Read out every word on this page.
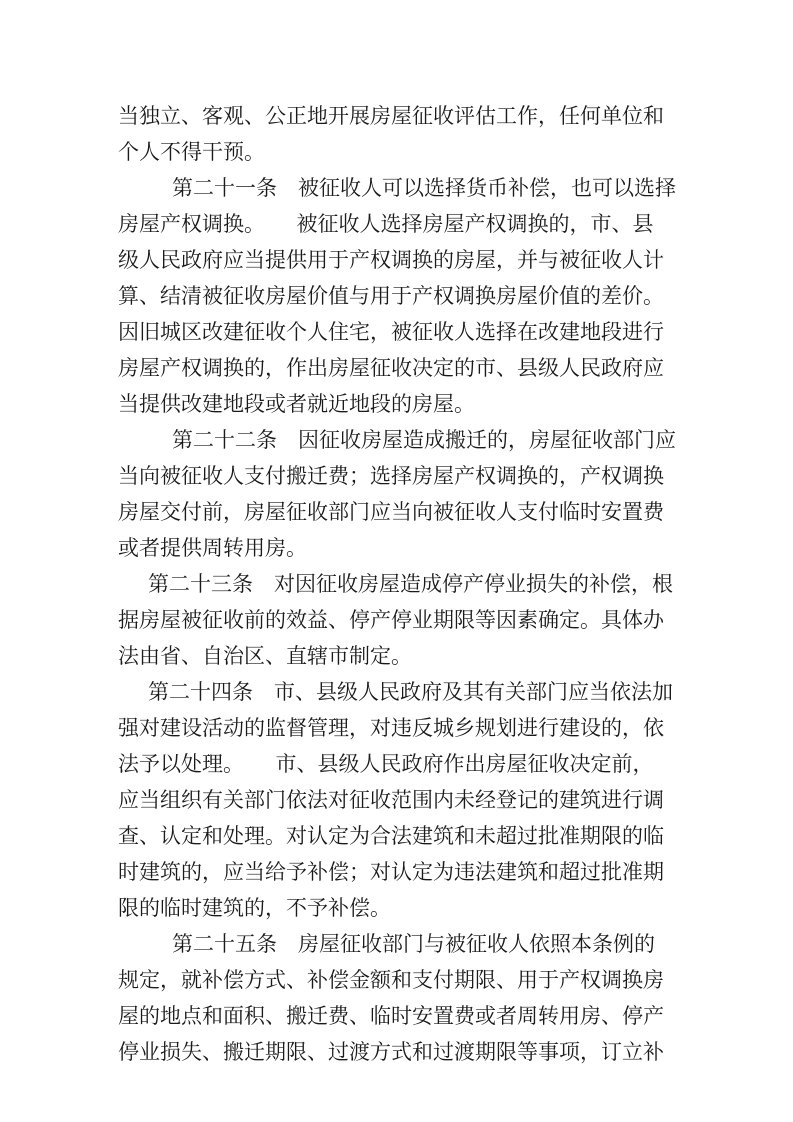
当独立、客观、公正地开展房屋征收评估工作，任何单位和
个人不得干预。
第二十一条　被征收人可以选择货币补偿，也可以选择
房屋产权调换。　　被征收人选择房屋产权调换的，市、县
级人民政府应当提供用于产权调换的房屋，并与被征收人计
算、结清被征收房屋价值与用于产权调换房屋价值的差价。
因旧城区改建征收个人住宅，被征收人选择在改建地段进行
房屋产权调换的，作出房屋征收决定的市、县级人民政府应
当提供改建地段或者就近地段的房屋。
第二十二条　因征收房屋造成搬迁的，房屋征收部门应
当向被征收人支付搬迁费；选择房屋产权调换的，产权调换
房屋交付前，房屋征收部门应当向被征收人支付临时安置费
或者提供周转用房。
第二十三条　对因征收房屋造成停产停业损失的补偿，根
据房屋被征收前的效益、停产停业期限等因素确定。具体办
法由省、自治区、直辖市制定。
第二十四条　市、县级人民政府及其有关部门应当依法加
强对建设活动的监督管理，对违反城乡规划进行建设的，依
法予以处理。　　市、县级人民政府作出房屋征收决定前，
应当组织有关部门依法对征收范围内未经登记的建筑进行调
查、认定和处理。对认定为合法建筑和未超过批准期限的临
时建筑的，应当给予补偿；对认定为违法建筑和超过批准期
限的临时建筑的，不予补偿。
第二十五条　房屋征收部门与被征收人依照本条例的
规定，就补偿方式、补偿金额和支付期限、用于产权调换房
屋的地点和面积、搬迁费、临时安置费或者周转用房、停产
停业损失、搬迁期限、过渡方式和过渡期限等事项，订立补
